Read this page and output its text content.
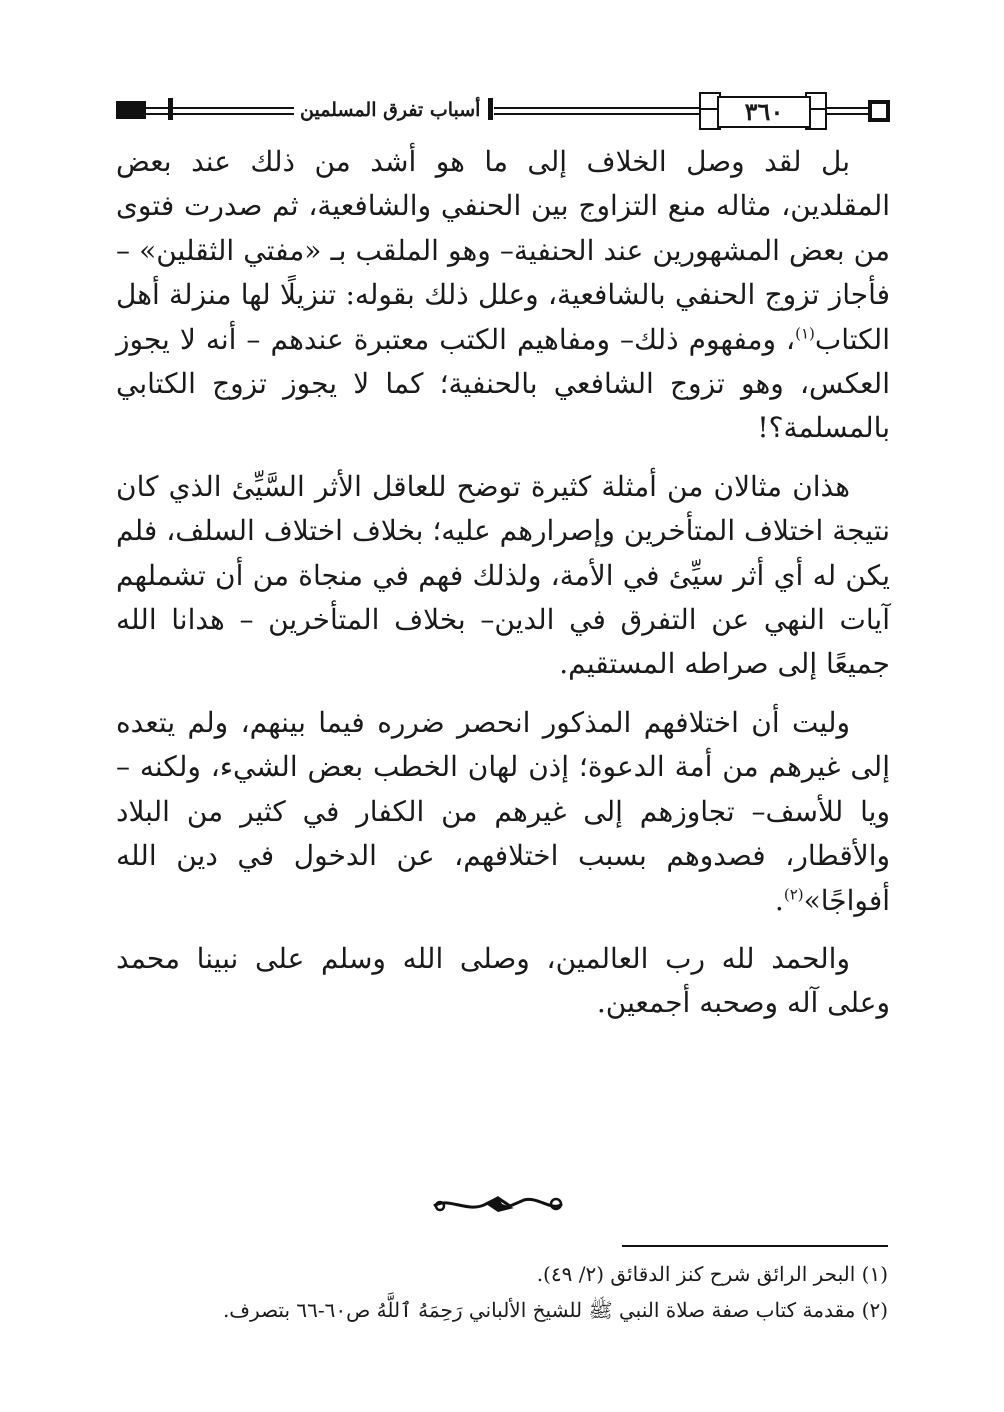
أسباب تفرق المسلمين	٣٦٠

بل لقد وصل الخلاف إلى ما هو أشد من ذلك عند بعض المقلدين، مثاله منع التزاوج بين الحنفي والشافعية، ثم صدرت فتوى من بعض المشهورين عند الحنفية– وهو الملقب بـ «مفتي الثقلين» –فأجاز تزوج الحنفي بالشافعية، وعلل ذلك بقوله: تنزيلًا لها منزلة أهل الكتاب$^{(١)}$، ومفهوم ذلك– ومفاهيم الكتب معتبرة عندهم – أنه لا يجوز العكس، وهو تزوج الشافعي بالحنفية؛ كما لا يجوز تزوج الكتابي بالمسلمة؟!

هذان مثالان من أمثلة كثيرة توضح للعاقل الأثر السَّيِّئ الذي كان نتيجة اختلاف المتأخرين وإصرارهم عليه؛ بخلاف اختلاف السلف، فلم يكن له أي أثر سيِّئ في الأمة، ولذلك فهم في منجاة من أن تشملهم آيات النهي عن التفرق في الدين– بخلاف المتأخرين – هدانا الله جميعًا إلى صراطه المستقيم.

وليت أن اختلافهم المذكور انحصر ضرره فيما بينهم، ولم يتعده إلى غيرهم من أمة الدعوة؛ إذن لهان الخطب بعض الشيء، ولكنه – ويا للأسف– تجاوزهم إلى غيرهم من الكفار في كثير من البلاد والأقطار، فصدوهم بسبب اختلافهم، عن الدخول في دين الله أفواجًا»$^{(٢)}$.

والحمد لله رب العالمين، وصلى الله وسلم على نبينا محمد وعلى آله وصحبه أجمعين.

(١) البحر الرائق شرح كنز الدقائق (٢/ ٤٩).

(٢) مقدمة كتاب صفة صلاة النبي ﷺ للشيخ الألباني رَحِمَهُ ٱللَّهُ ص٦٠-٦٦ بتصرف.
